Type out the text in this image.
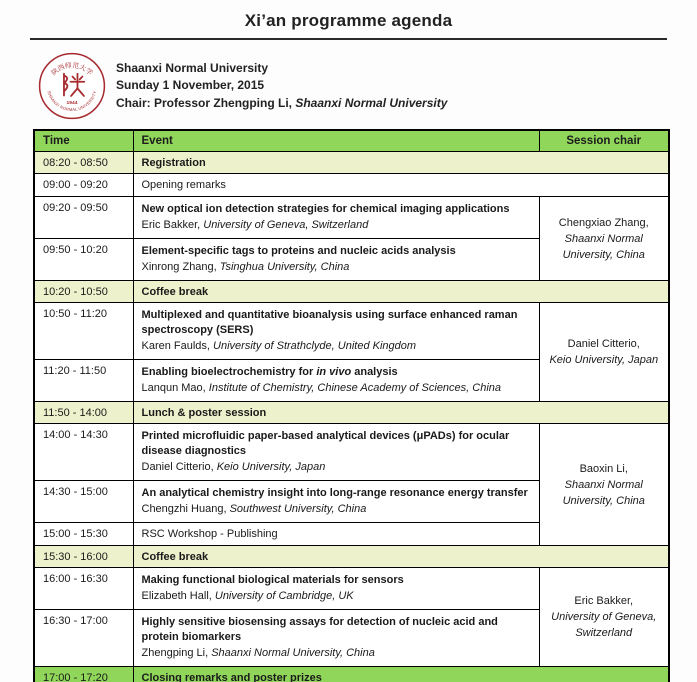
Xi’an programme agenda
陕西师范大学
SHAANXI NORMAL UNIVERSITY
1944
Shaanxi Normal University
Sunday 1 November, 2015
Chair: Professor Zhengping Li, Shaanxi Normal University
Time	Event	Session chair
08:20 - 08:50	Registration	
09:00 - 09:20	Opening remarks	
09:20 - 09:50	New optical ion detection strategies for chemical imaging applications
Eric Bakker, University of Geneva, Switzerland	Chengxiao Zhang,
Shaanxi Normal University, China

09:50 - 10:20	Element-specific tags to proteins and nucleic acids analysis
Xinrong Zhang, Tsinghua University, China	

10:20 - 10:50	Coffee break	
10:50 - 11:20	Multiplexed and quantitative bioanalysis using surface enhanced raman spectroscopy (SERS)
Karen Faulds, University of Strathclyde, United Kingdom	Daniel Citterio,
Keio University, Japan

11:20 - 11:50	Enabling bioelectrochemistry for in vivo analysis
Lanqun Mao, Institute of Chemistry, Chinese Academy of Sciences, China	

11:50 - 14:00	Lunch & poster session	
14:00 - 14:30	Printed microfluidic paper-based analytical devices (μPADs) for ocular disease diagnostics
Daniel Citterio, Keio University, Japan	Baoxin Li,
Shaanxi Normal University, China

14:30 - 15:00	An analytical chemistry insight into long-range resonance energy transfer
Chengzhi Huang, Southwest University, China	

15:00 - 15:30	RSC Workshop - Publishing	
15:30 - 16:00	Coffee break	
16:00 - 16:30	Making functional biological materials for sensors
Elizabeth Hall, University of Cambridge, UK	Eric Bakker,
University of Geneva, Switzerland

16:30 - 17:00	Highly sensitive biosensing assays for detection of nucleic acid and protein biomarkers
Zhengping Li, Shaanxi Normal University, China	

17:00 - 17:20	Closing remarks and poster prizes	
